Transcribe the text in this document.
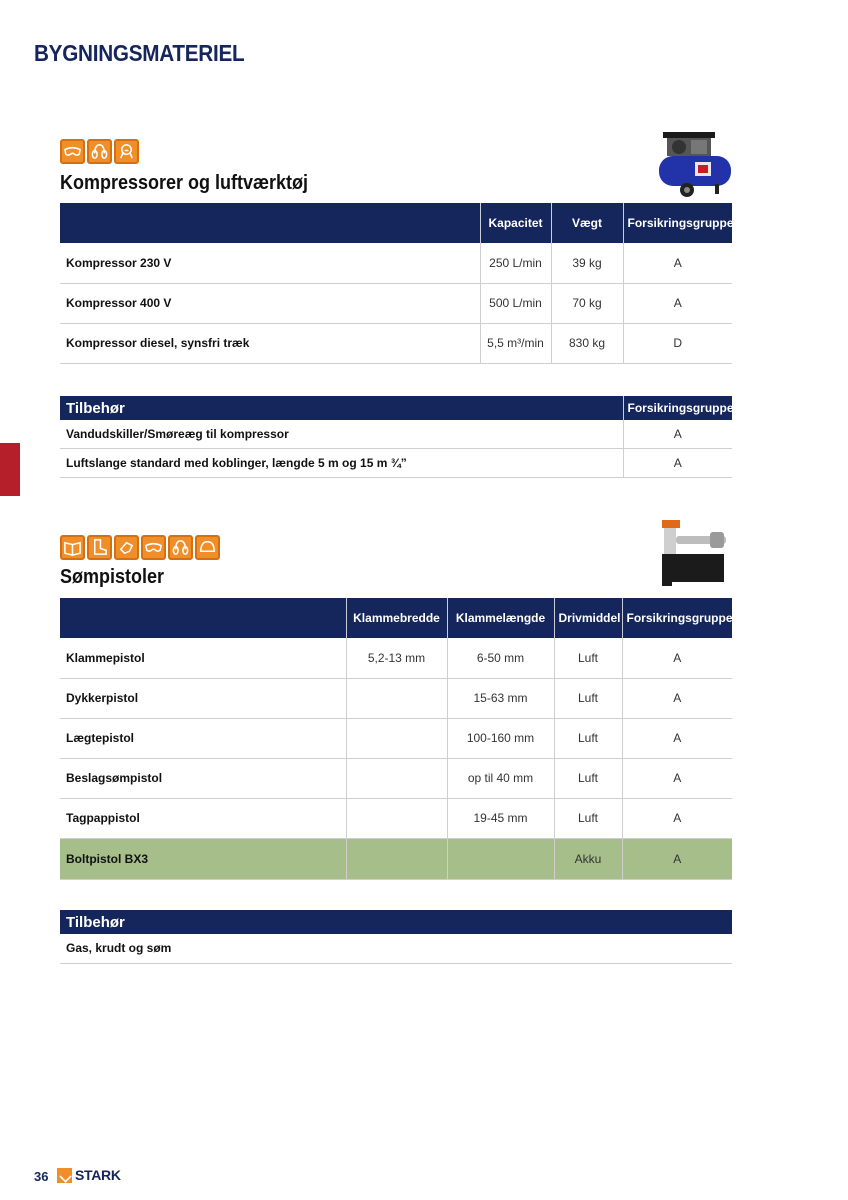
BYGNINGSMATERIEL
Kompressorer og luftværktøj
	Kapacitet	Vægt	Forsikringsgruppe
Kompressor 230 V	250 L/min	39 kg	A
Kompressor 400 V	500 L/min	70 kg	A
Kompressor diesel, synsfri træk	5,5 m³/min	830 kg	D
Tilbehør	Forsikringsgruppe
Vandudskiller/Smøreæg til kompressor	A
Luftslange standard med koblinger, længde 5 m og 15 m ¾”	A
Sømpistoler
	Klammebredde	Klammelængde	Drivmiddel	Forsikringsgruppe
Klammepistol	5,2-13 mm	6-50 mm	Luft	A
Dykkerpistol		15-63 mm	Luft	A
Lægtepistol		100-160 mm	Luft	A
Beslagsømpistol		op til 40 mm	Luft	A
Tagpappistol		19-45 mm	Luft	A
Boltpistol BX3			Akku	A
Tilbehør
Gas, krudt og søm
36 STARK
